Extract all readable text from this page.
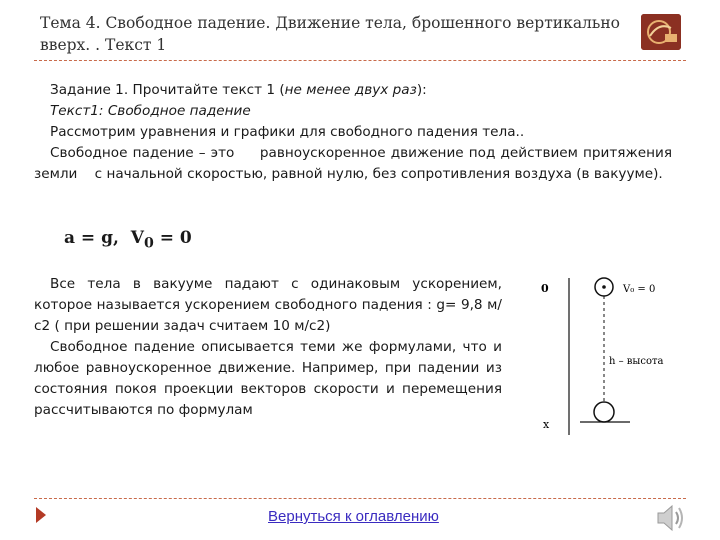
Тема 4. Свободное падение. Движение тела, брошенного вертикально вверх. . Текст 1

Задание 1. Прочитайте текст 1 (не менее двух раз):

Текст1: Свободное падение

Рассмотрим уравнения и графики для свободного падения тела..

Свободное падение – это     равноускоренное движение под действием притяжения земли    с начальной скоростью, равной нулю, без сопротивления воздуха (в вакууме).

a = g, $V_0 = 0$

Все тела в вакууме падают с одинаковым ускорением, которое называется ускорением свободного падения : g= 9,8 м/с2 ( при решении задач считаем 10 м/с2)

Свободное падение описывается теми же формулами, что и любое равноускоренное движение. Например, при падении из состояния покоя проекции векторов скорости и перемещения рассчитываются по формулам

0
x
V₀ = 0
h – высота
Вернуться к оглавлению
